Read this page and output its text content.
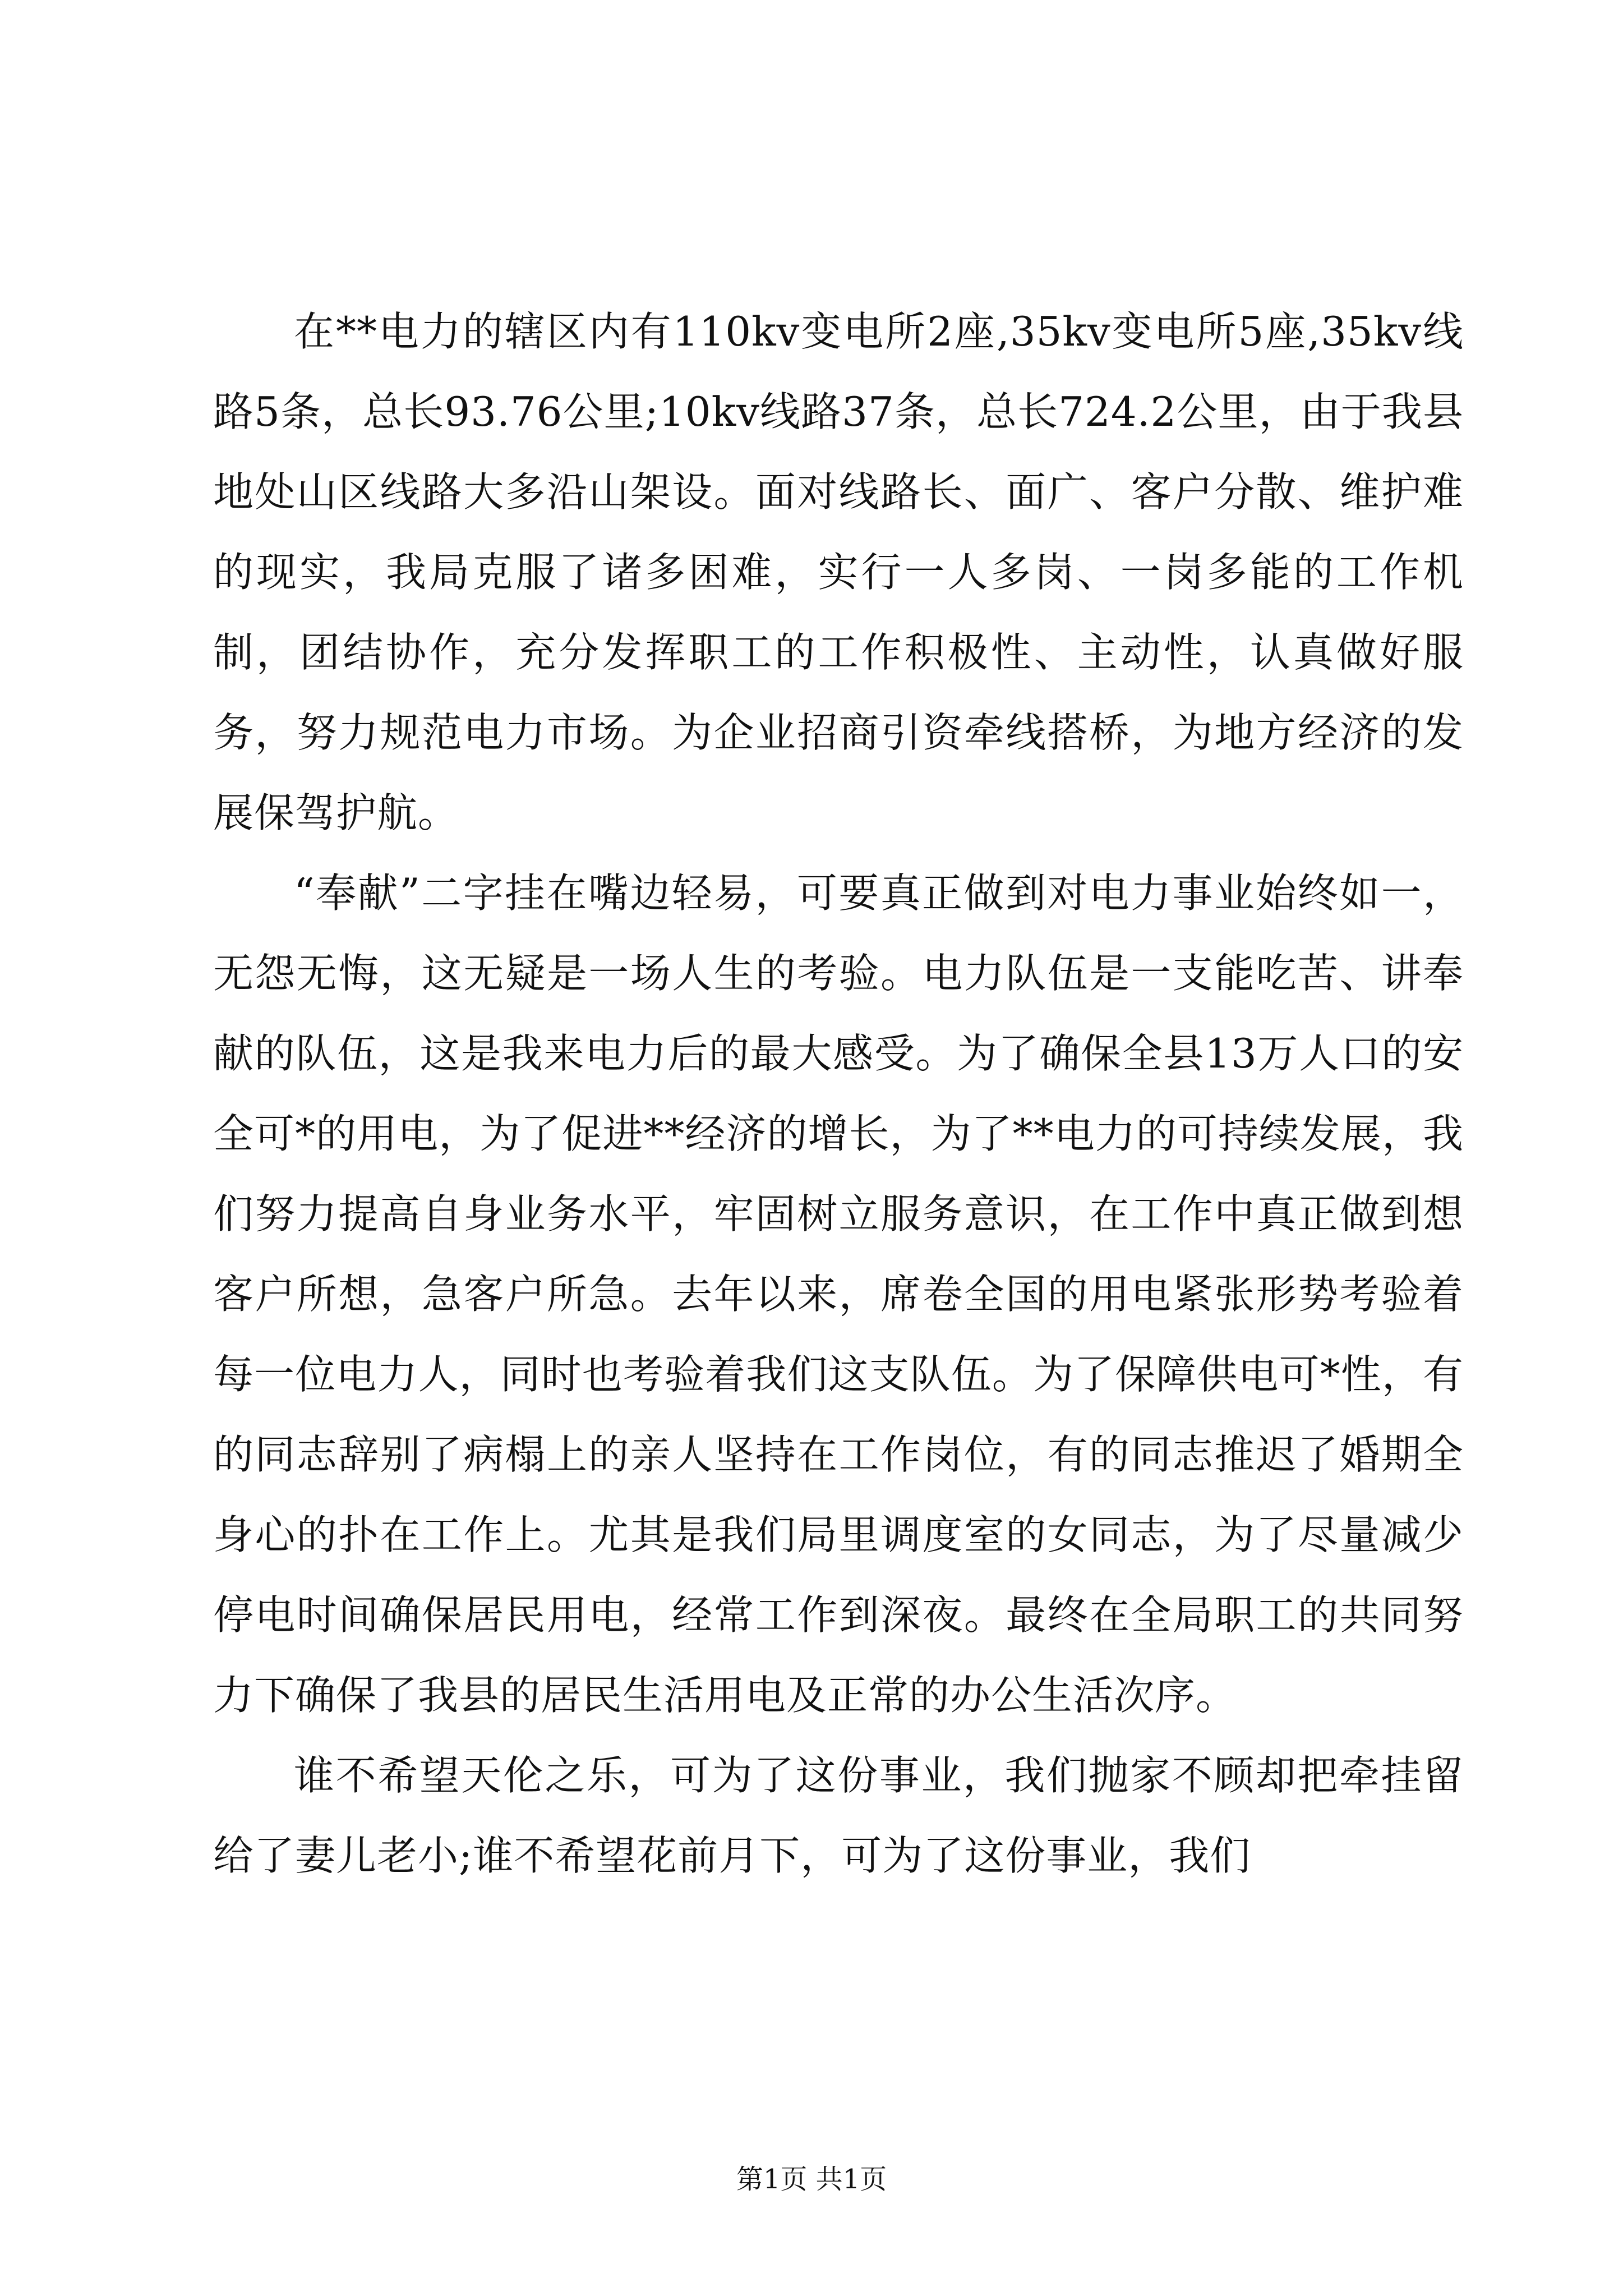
在**电力的辖区内有110kv变电所2座,35kv变电所5座,35kv线路5条，总长93.76公里;10kv线路37条，总长724.2公里，由于我县地处山区线路大多沿山架设。面对线路长、面广、客户分散、维护难的现实，我局克服了诸多困难，实行一人多岗、一岗多能的工作机制，团结协作，充分发挥职工的工作积极性、主动性，认真做好服务，努力规范电力市场。为企业招商引资牵线搭桥，为地方经济的发展保驾护航。

“奉献”二字挂在嘴边轻易，可要真正做到对电力事业始终如一，无怨无悔，这无疑是一场人生的考验。电力队伍是一支能吃苦、讲奉献的队伍，这是我来电力后的最大感受。为了确保全县13万人口的安全可*的用电，为了促进**经济的增长，为了**电力的可持续发展，我们努力提高自身业务水平，牢固树立服务意识，在工作中真正做到想客户所想，急客户所急。去年以来，席卷全国的用电紧张形势考验着每一位电力人，同时也考验着我们这支队伍。为了保障供电可*性，有的同志辞别了病榻上的亲人坚持在工作岗位，有的同志推迟了婚期全身心的扑在工作上。尤其是我们局里调度室的女同志，为了尽量减少停电时间确保居民用电，经常工作到深夜。最终在全局职工的共同努力下确保了我县的居民生活用电及正常的办公生活次序。

谁不希望天伦之乐，可为了这份事业，我们抛家不顾却把牵挂留给了妻儿老小;谁不希望花前月下，可为了这份事业，我们

第1页 共1页
